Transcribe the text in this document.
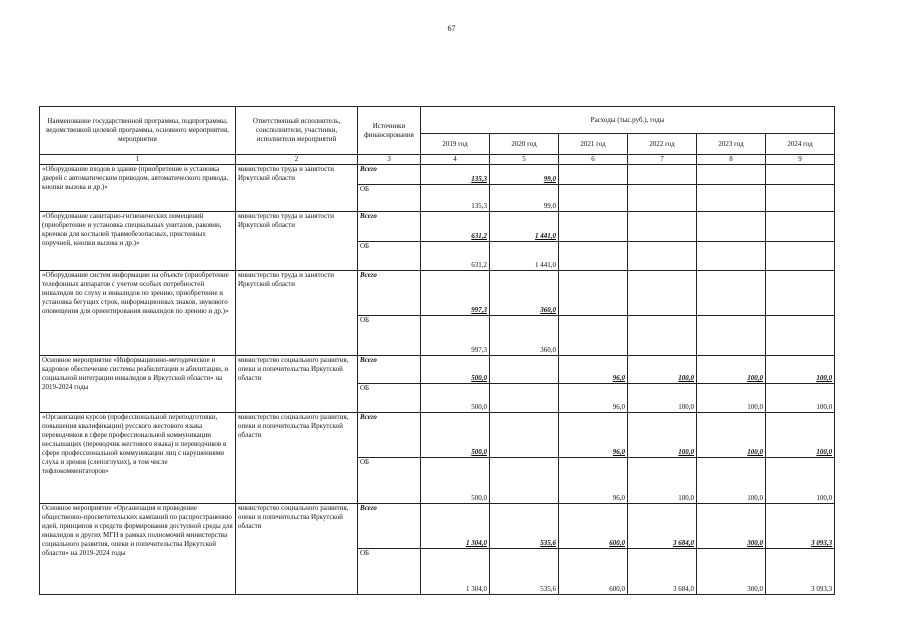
67
Наименование государственной программы, подпрограммы, ведомственной целевой программы, основного мероприятия, мероприятия	Ответственный исполнитель, соисполнители, участники, исполнители мероприятий	Источники финансирования	Расходы (тыс.руб.), годы					
			2019 год	2020 год	2021 год	2022 год	2023 год	2024 год
1	2	3	4	5	6	7	8	9
«Оборудование входов в здание (приобретение и установка дверей с автоматическим приводом, автоматического привода, кнопки вызова и др.)»	министерство труда и занятости Иркутской области	Всего	135,3	99,0				
		ОБ	135,3	99,0				
«Оборудование санитарно-гигиенических помещений (приобретение и установка специальных унитазов, раковин, крючков для костылей травмобезопасных, пристенных поручней, кнопки вызова и др.)»	министерство труда и занятости Иркутской области	Всего	631,2	1 441,0				
		ОБ	631,2	1 441,0				
«Оборудование систем информации на объекте (приобретение телефонных аппаратов с учетом особых потребностей инвалидов по слуху и инвалидов по зрению, приобретение и установка бегущих строк, информационных знаков, звукового оповещения для ориентирования инвалидов по зрению и др.)»	министерство труда и занятости Иркутской области	Всего	997,3	360,0				
		ОБ	997,3	360,0				
Основное мероприятие «Информационно-методическое и кадровое обеспечение системы реабилитации и абилитации, и социальной интеграции инвалидов в Иркутской области» на 2019-2024 годы	министерство социального развития, опеки и попечительства Иркутской области	Всего	500,0		96,0	100,0	100,0	100,0
		ОБ	500,0		96,0	100,0	100,0	100,0
«Организация курсов (профессиональной переподготовки, повышения квалификации) русского жестового языка переводчиков в сфере профессиональной коммуникации неслышащих (переводчик жестового языка) и переводчиков в сфере профессиональной коммуникации лиц с нарушениями слуха и зрения (слепоглухих), в том числе тифлокомментаторов»	министерство социального развития, опеки и попечительства Иркутской области	Всего	500,0		96,0	100,0	100,0	100,0
		ОБ	500,0		96,0	100,0	100,0	100,0
Основное мероприятие «Организация и проведение общественно-просветительских кампаний по распространению идей, принципов и средств формирования доступной среды для инвалидов и других МГН в рамках полномочий министерства социального развития, опеки и попечительства Иркутской области» на 2019-2024 годы	министерство социального развития, опеки и попечительства Иркутской области	Всего	1 304,0	535,6	600,0	3 684,0	300,0	3 093,3
		ОБ	1 304,0	535,6	600,0	3 684,0	300,0	3 093,3
